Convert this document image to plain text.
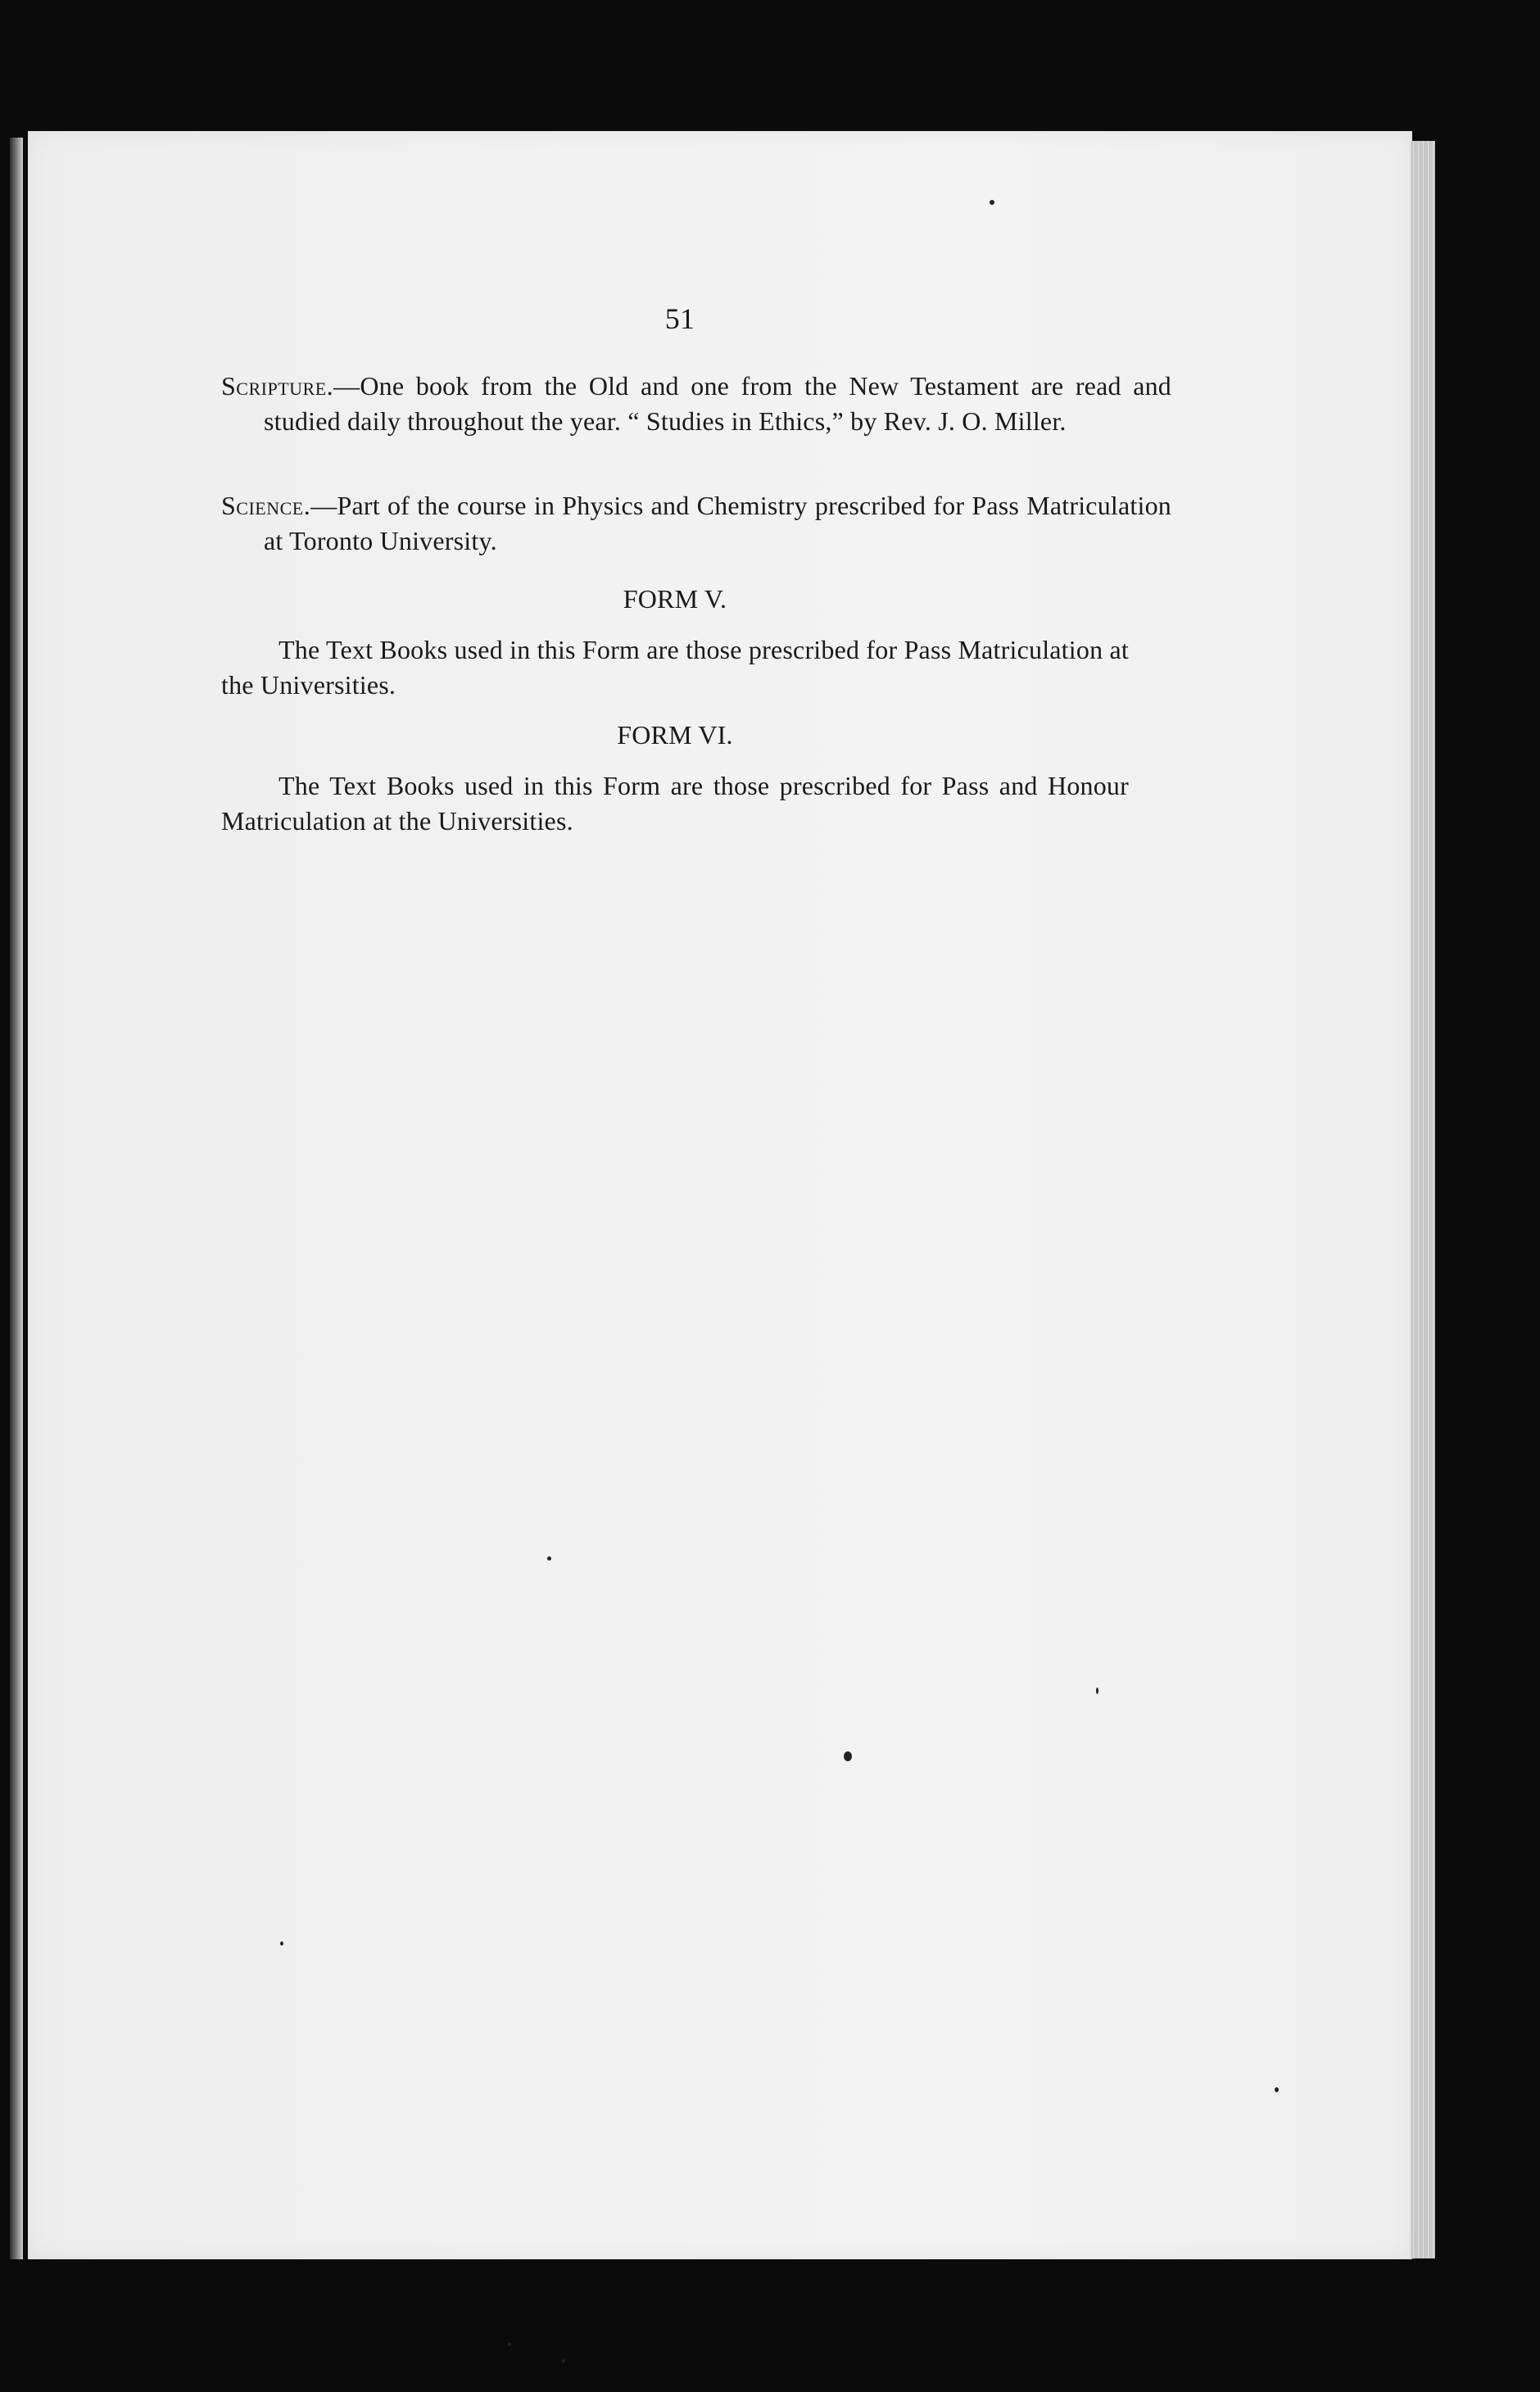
51
Scripture.—One book from the Old and one from the New Testament are read and studied daily throughout the year. “ Studies in Ethics,” by Rev. J. O. Miller.
Science.—Part of the course in Physics and Chemistry prescribed for Pass Matriculation at Toronto University.
FORM V.
The Text Books used in this Form are those prescribed for Pass Matriculation at the Universities.
FORM VI.
The Text Books used in this Form are those prescribed for Pass and Honour Matriculation at the Universities.
